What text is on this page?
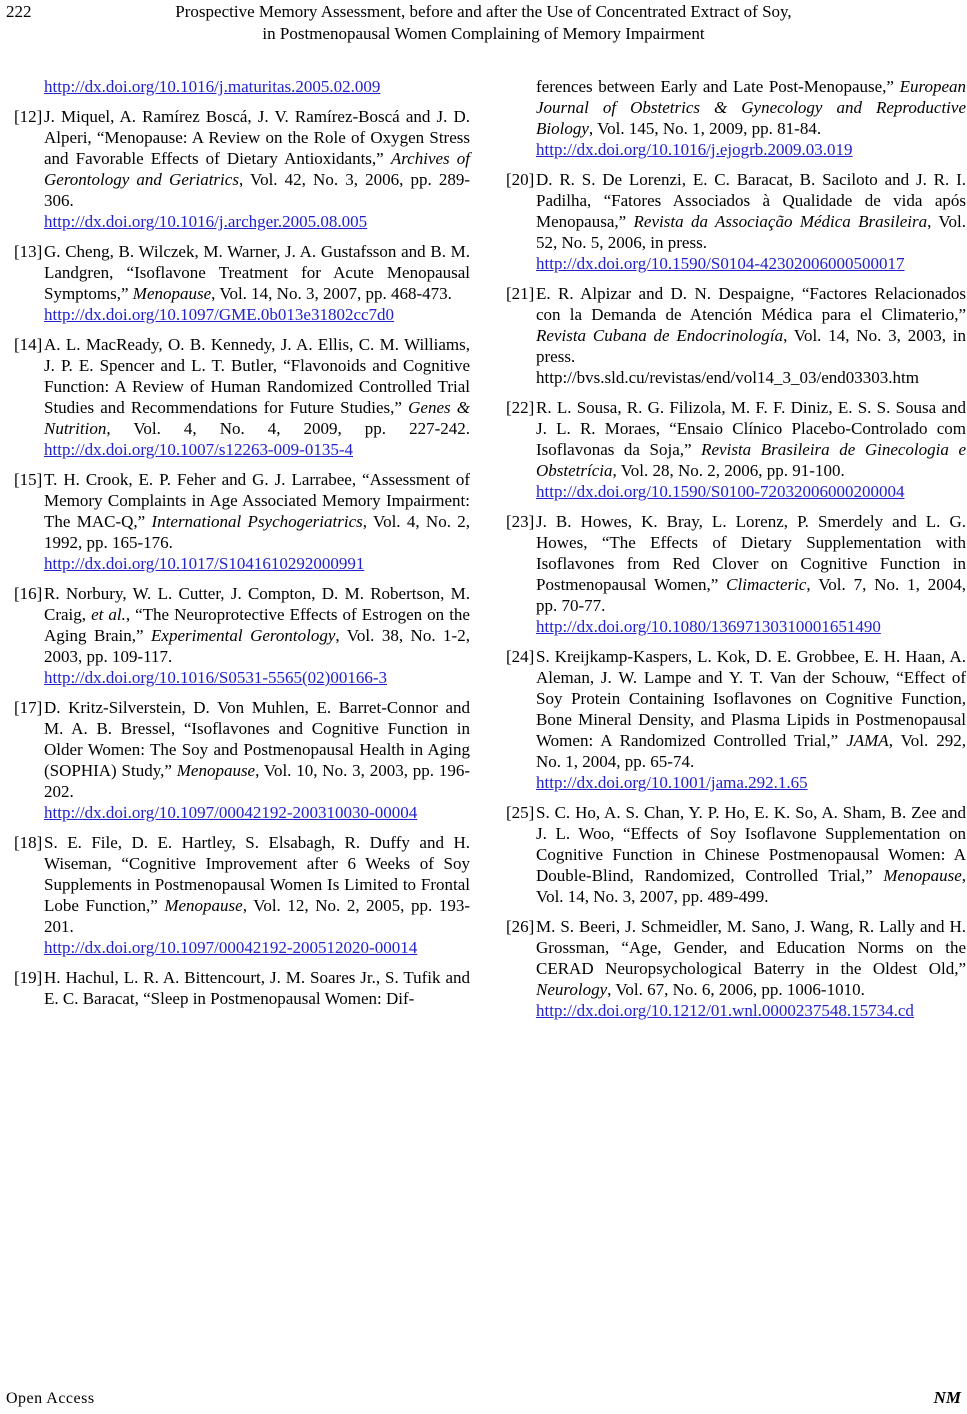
222	Prospective Memory Assessment, before and after the Use of Concentrated Extract of Soy,
in Postmenopausal Women Complaining of Memory Impairment
http://dx.doi.org/10.1016/j.maturitas.2005.02.009
[12] J. Miquel, A. Ramírez Boscá, J. V. Ramírez-Boscá and J. D. Alperi, “Menopause: A Review on the Role of Oxygen Stress and Favorable Effects of Dietary Antioxidants,” Archives of Gerontology and Geriatrics, Vol. 42, No. 3, 2006, pp. 289-306.
http://dx.doi.org/10.1016/j.archger.2005.08.005
[13] G. Cheng, B. Wilczek, M. Warner, J. A. Gustafsson and B. M. Landgren, “Isoflavone Treatment for Acute Menopausal Symptoms,” Menopause, Vol. 14, No. 3, 2007, pp. 468-473.
http://dx.doi.org/10.1097/GME.0b013e31802cc7d0
[14] A. L. MacReady, O. B. Kennedy, J. A. Ellis, C. M. Williams, J. P. E. Spencer and L. T. Butler, “Flavonoids and Cognitive Function: A Review of Human Randomized Controlled Trial Studies and Recommendations for Future Studies,” Genes & Nutrition, Vol. 4, No. 4, 2009, pp. 227-242. http://dx.doi.org/10.1007/s12263-009-0135-4
[15] T. H. Crook, E. P. Feher and G. J. Larrabee, “Assessment of Memory Complaints in Age Associated Memory Impairment: The MAC-Q,” International Psychogeriatrics, Vol. 4, No. 2, 1992, pp. 165-176.
http://dx.doi.org/10.1017/S1041610292000991
[16] R. Norbury, W. L. Cutter, J. Compton, D. M. Robertson, M. Craig, et al., “The Neuroprotective Effects of Estrogen on the Aging Brain,” Experimental Gerontology, Vol. 38, No. 1-2, 2003, pp. 109-117.
http://dx.doi.org/10.1016/S0531-5565(02)00166-3
[17] D. Kritz-Silverstein, D. Von Muhlen, E. Barret-Connor and M. A. B. Bressel, “Isoflavones and Cognitive Function in Older Women: The Soy and Postmenopausal Health in Aging (SOPHIA) Study,” Menopause, Vol. 10, No. 3, 2003, pp. 196-202.
http://dx.doi.org/10.1097/00042192-200310030-00004
[18] S. E. File, D. E. Hartley, S. Elsabagh, R. Duffy and H. Wiseman, “Cognitive Improvement after 6 Weeks of Soy Supplements in Postmenopausal Women Is Limited to Frontal Lobe Function,” Menopause, Vol. 12, No. 2, 2005, pp. 193-201.
http://dx.doi.org/10.1097/00042192-200512020-00014
[19] H. Hachul, L. R. A. Bittencourt, J. M. Soares Jr., S. Tufik and E. C. Baracat, “Sleep in Postmenopausal Women: Dif-
ferences between Early and Late Post-Menopause,” European Journal of Obstetrics & Gynecology and Reproductive Biology, Vol. 145, No. 1, 2009, pp. 81-84.
http://dx.doi.org/10.1016/j.ejogrb.2009.03.019
[20] D. R. S. De Lorenzi, E. C. Baracat, B. Saciloto and J. R. I. Padilha, “Fatores Associados à Qualidade de vida após Menopausa,” Revista da Associação Médica Brasileira, Vol. 52, No. 5, 2006, in press.
http://dx.doi.org/10.1590/S0104-42302006000500017
[21] E. R. Alpizar and D. N. Despaigne, “Factores Relacionados con la Demanda de Atención Médica para el Climaterio,” Revista Cubana de Endocrinología, Vol. 14, No. 3, 2003, in press.
http://bvs.sld.cu/revistas/end/vol14_3_03/end03303.htm
[22] R. L. Sousa, R. G. Filizola, M. F. F. Diniz, E. S. S. Sousa and J. L. R. Moraes, “Ensaio Clínico Placebo-Controlado com Isoflavonas da Soja,” Revista Brasileira de Ginecologia e Obstetrícia, Vol. 28, No. 2, 2006, pp. 91-100.
http://dx.doi.org/10.1590/S0100-72032006000200004
[23] J. B. Howes, K. Bray, L. Lorenz, P. Smerdely and L. G. Howes, “The Effects of Dietary Supplementation with Isoflavones from Red Clover on Cognitive Function in Postmenopausal Women,” Climacteric, Vol. 7, No. 1, 2004, pp. 70-77.
http://dx.doi.org/10.1080/13697130310001651490
[24] S. Kreijkamp-Kaspers, L. Kok, D. E. Grobbee, E. H. Haan, A. Aleman, J. W. Lampe and Y. T. Van der Schouw, “Effect of Soy Protein Containing Isoflavones on Cognitive Function, Bone Mineral Density, and Plasma Lipids in Postmenopausal Women: A Randomized Controlled Trial,” JAMA, Vol. 292, No. 1, 2004, pp. 65-74.
http://dx.doi.org/10.1001/jama.292.1.65
[25] S. C. Ho, A. S. Chan, Y. P. Ho, E. K. So, A. Sham, B. Zee and J. L. Woo, “Effects of Soy Isoflavone Supplementation on Cognitive Function in Chinese Postmenopausal Women: A Double-Blind, Randomized, Controlled Trial,” Menopause, Vol. 14, No. 3, 2007, pp. 489-499.
[26] M. S. Beeri, J. Schmeidler, M. Sano, J. Wang, R. Lally and H. Grossman, “Age, Gender, and Education Norms on the CERAD Neuropsychological Baterry in the Oldest Old,” Neurology, Vol. 67, No. 6, 2006, pp. 1006-1010.
http://dx.doi.org/10.1212/01.wnl.0000237548.15734.cd
Open Access	NM
